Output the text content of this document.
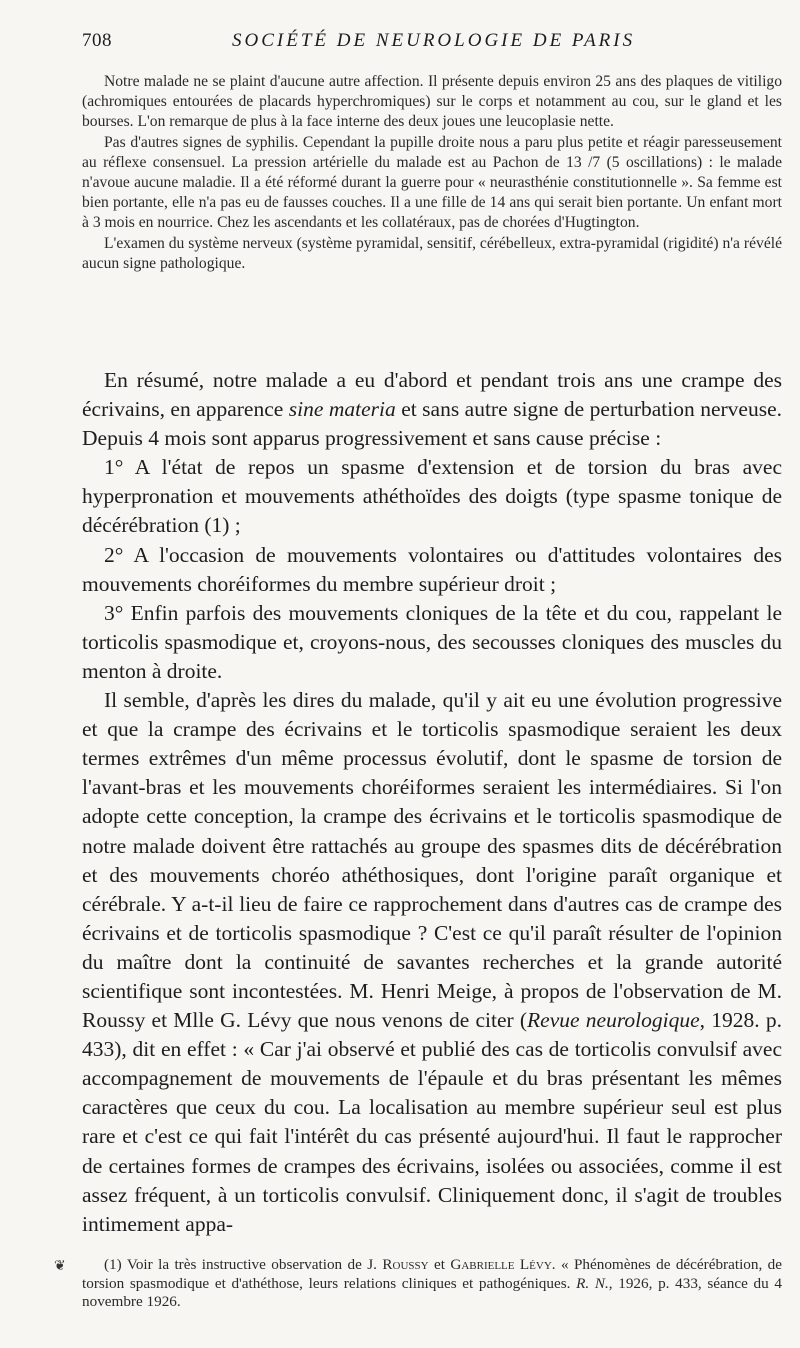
708	SOCIÉTÉ DE NEUROLOGIE DE PARIS

Notre malade ne se plaint d'aucune autre affection. Il présente depuis environ 25 ans des plaques de vitiligo (achromiques entourées de placards hyperchromiques) sur le corps et notamment au cou, sur le gland et les bourses. L'on remarque de plus à la face interne des deux joues une leucoplasie nette.

Pas d'autres signes de syphilis. Cependant la pupille droite nous a paru plus petite et réagir paresseusement au réflexe consensuel. La pression artérielle du malade est au Pachon de 13 /7 (5 oscillations) : le malade n'avoue aucune maladie. Il a été réformé durant la guerre pour « neurasthénie constitutionnelle ». Sa femme est bien portante, elle n'a pas eu de fausses couches. Il a une fille de 14 ans qui serait bien portante. Un enfant mort à 3 mois en nourrice. Chez les ascendants et les collatéraux, pas de chorées d'Hugtington.

L'examen du système nerveux (système pyramidal, sensitif, cérébelleux, extra-pyramidal (rigidité) n'a révélé aucun signe pathologique.

En résumé, notre malade a eu d'abord et pendant trois ans une crampe des écrivains, en apparence sine materia et sans autre signe de perturbation nerveuse. Depuis 4 mois sont apparus progressivement et sans cause précise :

1° A l'état de repos un spasme d'extension et de torsion du bras avec hyperpronation et mouvements athéthoïdes des doigts (type spasme tonique de décérébration (1) ;

2° A l'occasion de mouvements volontaires ou d'attitudes volontaires des mouvements choréiformes du membre supérieur droit ;

3° Enfin parfois des mouvements cloniques de la tête et du cou, rappelant le torticolis spasmodique et, croyons-nous, des secousses cloniques des muscles du menton à droite.

Il semble, d'après les dires du malade, qu'il y ait eu une évolution progressive et que la crampe des écrivains et le torticolis spasmodique seraient les deux termes extrêmes d'un même processus évolutif, dont le spasme de torsion de l'avant-bras et les mouvements choréiformes seraient les intermédiaires. Si l'on adopte cette conception, la crampe des écrivains et le torticolis spasmodique de notre malade doivent être rattachés au groupe des spasmes dits de décérébration et des mouvements choréo athéthosiques, dont l'origine paraît organique et cérébrale. Y a-t-il lieu de faire ce rapprochement dans d'autres cas de crampe des écrivains et de torticolis spasmodique ? C'est ce qu'il paraît résulter de l'opinion du maître dont la continuité de savantes recherches et la grande autorité scientifique sont incontestées. M. Henri Meige, à propos de l'observation de M. Roussy et Mlle G. Lévy que nous venons de citer (Revue neurologique, 1928. p. 433), dit en effet : « Car j'ai observé et publié des cas de torticolis convulsif avec accompagnement de mouvements de l'épaule et du bras présentant les mêmes caractères que ceux du cou. La localisation au membre supérieur seul est plus rare et c'est ce qui fait l'intérêt du cas présenté aujourd'hui. Il faut le rapprocher de certaines formes de crampes des écrivains, isolées ou associées, comme il est assez fréquent, à un torticolis convulsif. Cliniquement donc, il s'agit de troubles intimement appa-

❦	(1) Voir la très instructive observation de J. Roussy et Gabrielle Lévy. « Phénomènes de décérébration, de torsion spasmodique et d'athéthose, leurs relations cliniques et pathogéniques. R. N., 1926, p. 433, séance du 4 novembre 1926.
